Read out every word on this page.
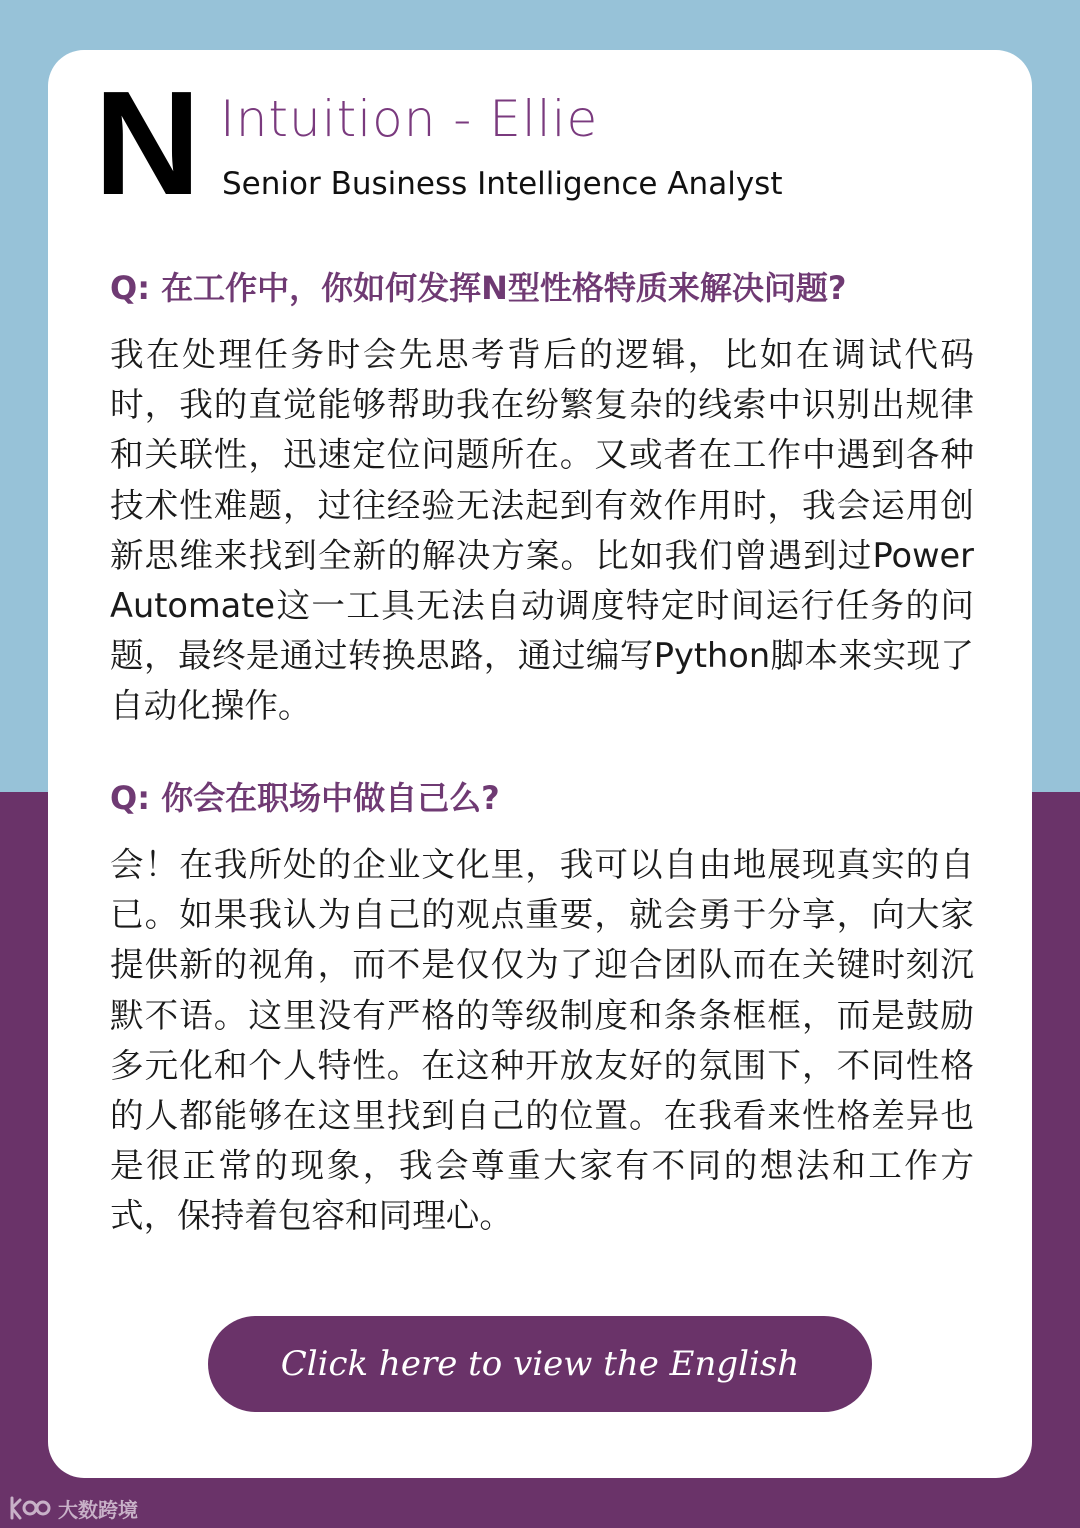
N Intuition - Ellie
Senior Business Intelligence Analyst
Q: 在工作中，你如何发挥N型性格特质来解决问题?
我在处理任务时会先思考背后的逻辑，比如在调试代码时，我的直觉能够帮助我在纷繁复杂的线索中识别出规律和关联性，迅速定位问题所在。又或者在工作中遇到各种技术性难题，过往经验无法起到有效作用时，我会运用创新思维来找到全新的解决方案。比如我们曾遇到过Power Automate这一工具无法自动调度特定时间运行任务的问题，最终是通过转换思路，通过编写Python脚本来实现了自动化操作。
Q: 你会在职场中做自己么?
会！在我所处的企业文化里，我可以自由地展现真实的自已。如果我认为自己的观点重要，就会勇于分享，向大家提供新的视角，而不是仅仅为了迎合团队而在关键时刻沉默不语。这里没有严格的等级制度和条条框框，而是鼓励多元化和个人特性。在这种开放友好的氛围下，不同性格的人都能够在这里找到自己的位置。在我看来性格差异也是很正常的现象，我会尊重大家有不同的想法和工作方式，保持着包容和同理心。
Click here to view the English version.
大数跨境
